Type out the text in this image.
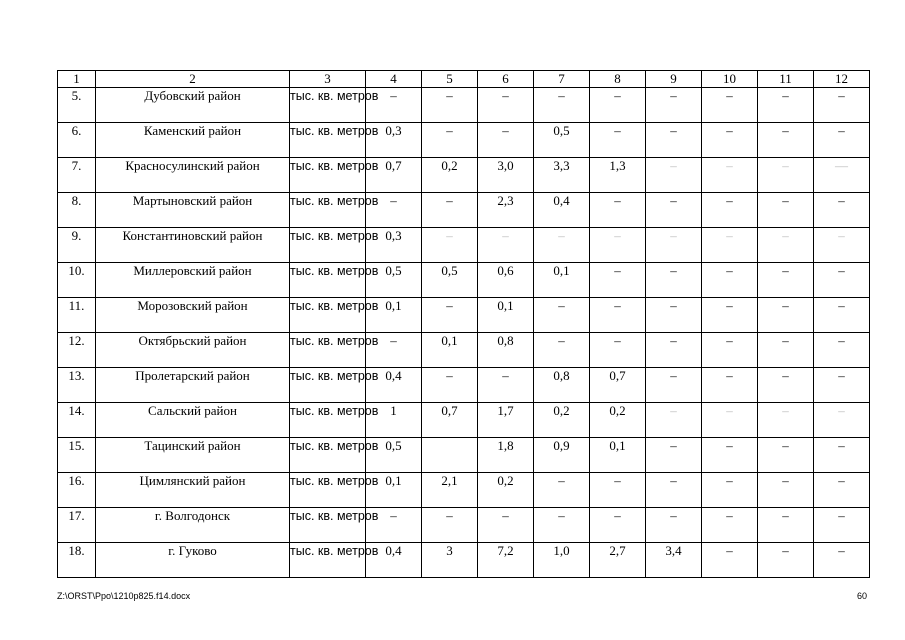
1	2	3	4	5	6	7	8	9	10	11	12
5.	Дубовский район	тыс. кв. метров	–	–	–	–	–	–	–	–	–
6.	Каменский район	тыс. кв. метров	0,3	–	–	0,5	–	–	–	–	–
7.	Красносулинский район	тыс. кв. метров	0,7	0,2	3,0	3,3	1,3	–	–	–	—
8.	Мартыновский район	тыс. кв. метров	–	–	2,3	0,4	–	–	–	–	–
9.	Константиновский район	тыс. кв. метров	0,3	–	–	–	–	–	–	–	–
10.	Миллеровский район	тыс. кв. метров	0,5	0,5	0,6	0,1	–	–	–	–	–
11.	Морозовский район	тыс. кв. метров	0,1	–	0,1	–	–	–	–	–	–
12.	Октябрьский район	тыс. кв. метров	–	0,1	0,8	–	–	–	–	–	–
13.	Пролетарский район	тыс. кв. метров	0,4	–	–	0,8	0,7	–	–	–	–
14.	Сальский район	тыс. кв. метров	1	0,7	1,7	0,2	0,2	–	–	–	–
15.	Тацинский район	тыс. кв. метров	0,5		1,8	0,9	0,1	–	–	–	–
16.	Цимлянский район	тыс. кв. метров	0,1	2,1	0,2	–	–	–	–	–	–
17.	г. Волгодонск	тыс. кв. метров	–	–	–	–	–	–	–	–	–
18.	г. Гуково	тыс. кв. метров	0,4	3	7,2	1,0	2,7	3,4	–	–	–
Z:\ORST\Ppo\1210p825.f14.docx	60
